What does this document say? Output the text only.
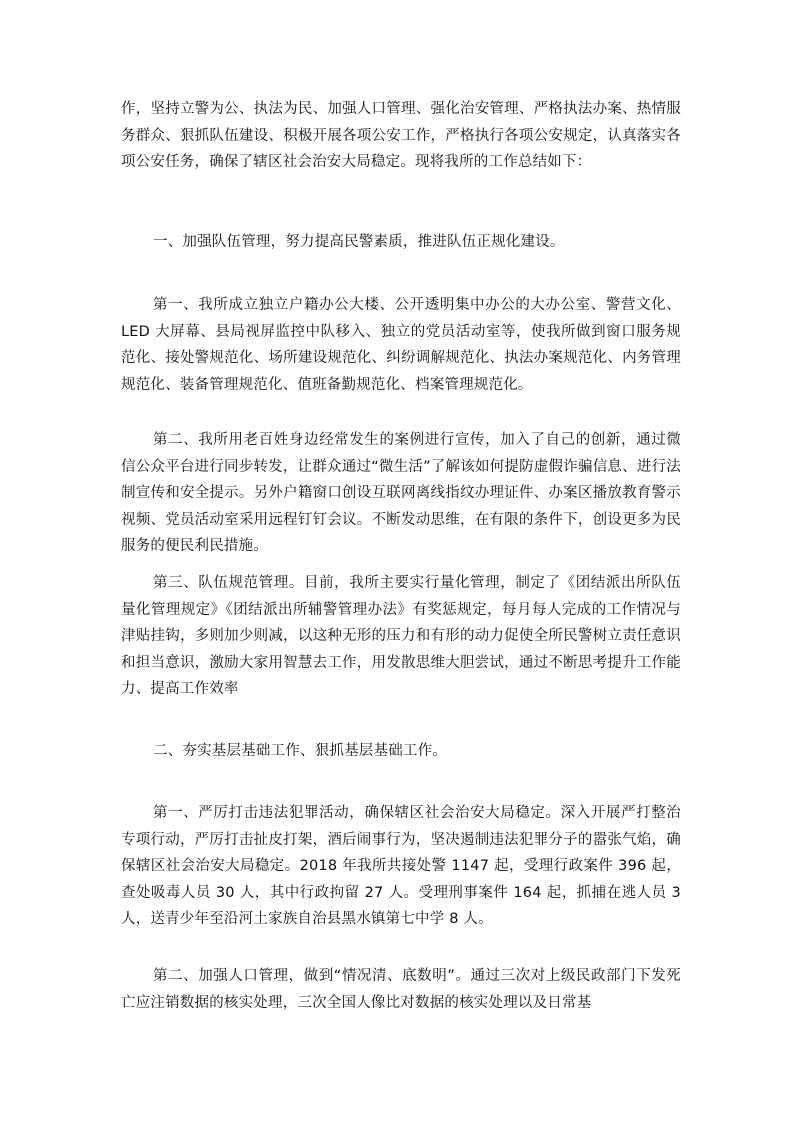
作，坚持立警为公、执法为民、加强人口管理、强化治安管理、严格执法办案、热情服务群众、狠抓队伍建设、积极开展各项公安工作，严格执行各项公安规定，认真落实各项公安任务，确保了辖区社会治安大局稳定。现将我所的工作总结如下：

一、加强队伍管理，努力提高民警素质，推进队伍正规化建设。

第一、我所成立独立户籍办公大楼、公开透明集中办公的大办公室、警营文化、LED 大屏幕、县局视屏监控中队移入、独立的党员活动室等，使我所做到窗口服务规范化、接处警规范化、场所建设规范化、纠纷调解规范化、执法办案规范化、内务管理规范化、装备管理规范化、值班备勤规范化、档案管理规范化。

第二、我所用老百姓身边经常发生的案例进行宣传，加入了自己的创新，通过微信公众平台进行同步转发，让群众通过“微生活”了解该如何提防虚假诈骗信息、进行法制宣传和安全提示。另外户籍窗口创设互联网离线指纹办理证件、办案区播放教育警示视频、党员活动室采用远程钉钉会议。不断发动思维，在有限的条件下，创设更多为民服务的便民利民措施。

第三、队伍规范管理。目前，我所主要实行量化管理，制定了《团结派出所队伍量化管理规定》《团结派出所辅警管理办法》有奖惩规定，每月每人完成的工作情况与津贴挂钩，多则加少则减，以这种无形的压力和有形的动力促使全所民警树立责任意识和担当意识，激励大家用智慧去工作，用发散思维大胆尝试，通过不断思考提升工作能力、提高工作效率

二、夯实基层基础工作、狠抓基层基础工作。

第一、严厉打击违法犯罪活动，确保辖区社会治安大局稳定。深入开展严打整治专项行动，严厉打击扯皮打架，酒后闹事行为，坚决遏制违法犯罪分子的嚣张气焰，确保辖区社会治安大局稳定。2018 年我所共接处警 1147 起，受理行政案件 396 起，查处吸毒人员 30 人，其中行政拘留 27 人。受理刑事案件 164 起，抓捕在逃人员 3 人，送青少年至沿河土家族自治县黑水镇第七中学 8 人。

第二、加强人口管理，做到“情况清、底数明”。通过三次对上级民政部门下发死亡应注销数据的核实处理，三次全国人像比对数据的核实处理以及日常基
